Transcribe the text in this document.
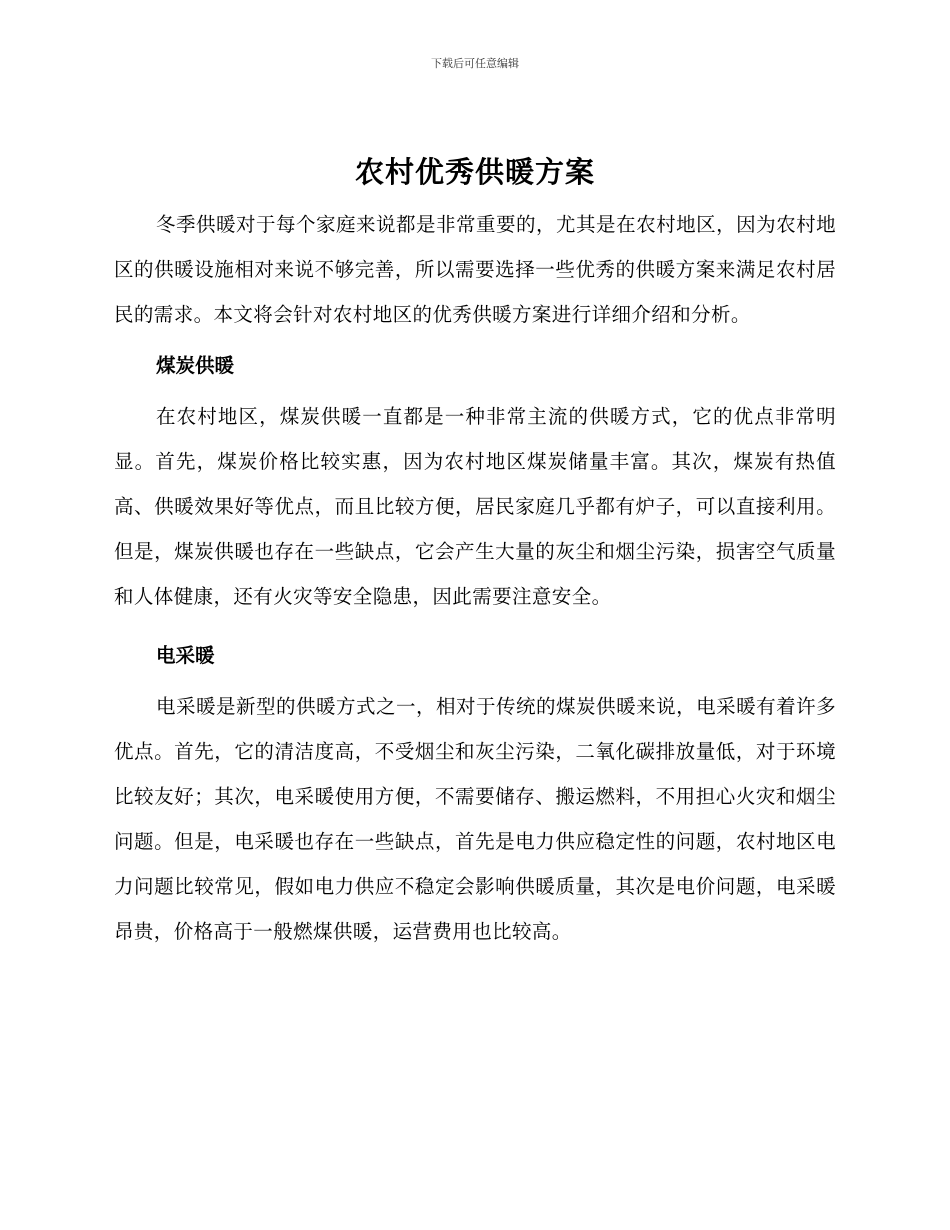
下载后可任意编辑
农村优秀供暖方案

冬季供暖对于每个家庭来说都是非常重要的，尤其是在农村地区，因为农村地区的供暖设施相对来说不够完善，所以需要选择一些优秀的供暖方案来满足农村居民的需求。本文将会针对农村地区的优秀供暖方案进行详细介绍和分析。

煤炭供暖

在农村地区，煤炭供暖一直都是一种非常主流的供暖方式，它的优点非常明显。首先，煤炭价格比较实惠，因为农村地区煤炭储量丰富。其次，煤炭有热值高、供暖效果好等优点，而且比较方便，居民家庭几乎都有炉子，可以直接利用。但是，煤炭供暖也存在一些缺点，它会产生大量的灰尘和烟尘污染，损害空气质量和人体健康，还有火灾等安全隐患，因此需要注意安全。

电采暖

电采暖是新型的供暖方式之一，相对于传统的煤炭供暖来说，电采暖有着许多优点。首先，它的清洁度高，不受烟尘和灰尘污染，二氧化碳排放量低，对于环境比较友好；其次，电采暖使用方便，不需要储存、搬运燃料，不用担心火灾和烟尘问题。但是，电采暖也存在一些缺点，首先是电力供应稳定性的问题，农村地区电力问题比较常见，假如电力供应不稳定会影响供暖质量，其次是电价问题，电采暖昂贵，价格高于一般燃煤供暖，运营费用也比较高。
